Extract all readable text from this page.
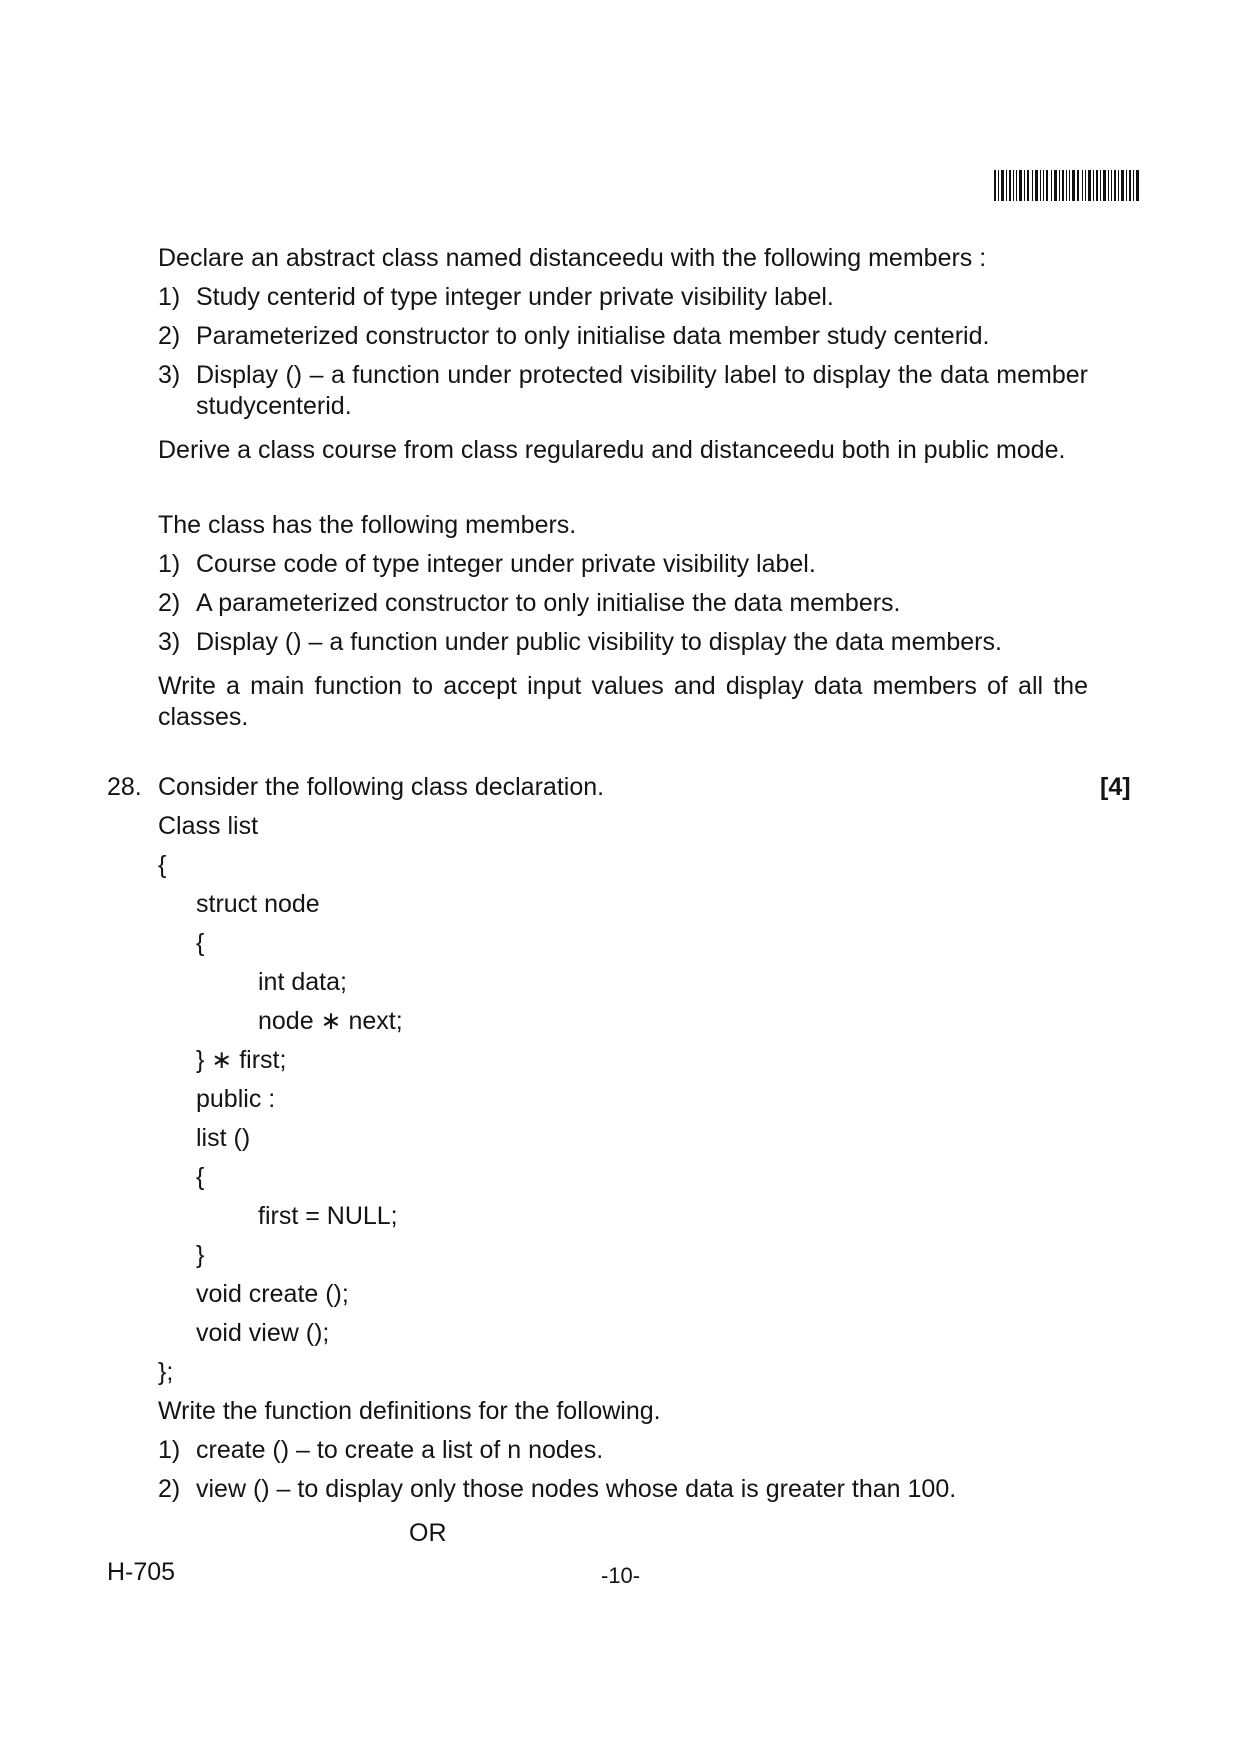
Declare an abstract class named distanceedu with the following members :
1) Study centerid of type integer under private visibility label.
2) Parameterized constructor to only initialise data member study centerid.
3) Display () – a function under protected visibility label to display the data member studycenterid.
Derive a class course from class regularedu and distanceedu both in public mode.
The class has the following members.
1) Course code of type integer under private visibility label.
2) A parameterized constructor to only initialise the data members.
3) Display () – a function under public visibility to display the data members.
Write a main function to accept input values and display data members of all the classes.
28. Consider the following class declaration.	[4]
Class list
{
struct node
{
int data;
node ∗ next;
} ∗ first;
public :
list ()
{
first = NULL;
}
void create ();
void view ();
};
Write the function definitions for the following.
1) create () – to create a list of n nodes.
2) view () – to display only those nodes whose data is greater than 100.
OR
H-705	-10-
